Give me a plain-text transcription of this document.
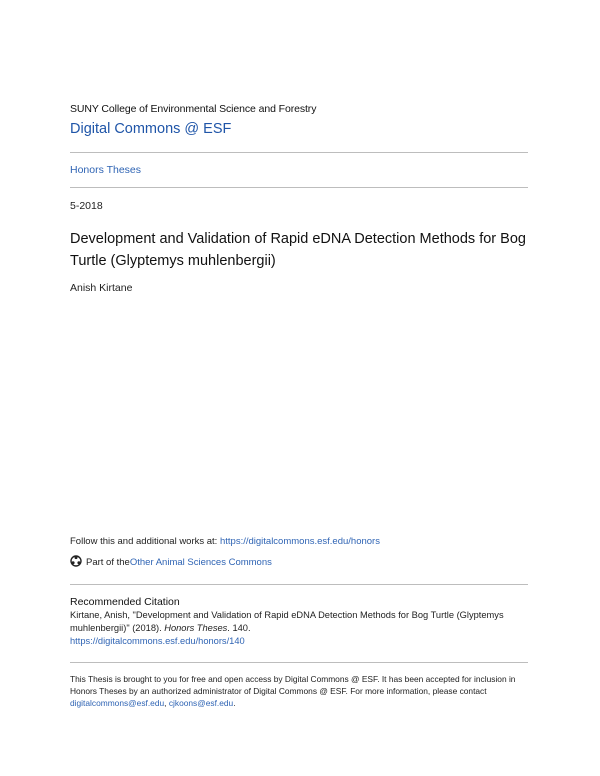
SUNY College of Environmental Science and Forestry
Digital Commons @ ESF
Honors Theses
5-2018
Development and Validation of Rapid eDNA Detection Methods for Bog Turtle (Glyptemys muhlenbergii)
Anish Kirtane
Follow this and additional works at: https://digitalcommons.esf.edu/honors
Part of the Other Animal Sciences Commons
Recommended Citation
Kirtane, Anish, "Development and Validation of Rapid eDNA Detection Methods for Bog Turtle (Glyptemys muhlenbergii)" (2018). Honors Theses. 140.
https://digitalcommons.esf.edu/honors/140
This Thesis is brought to you for free and open access by Digital Commons @ ESF. It has been accepted for inclusion in Honors Theses by an authorized administrator of Digital Commons @ ESF. For more information, please contact digitalcommons@esf.edu, cjkoons@esf.edu.
